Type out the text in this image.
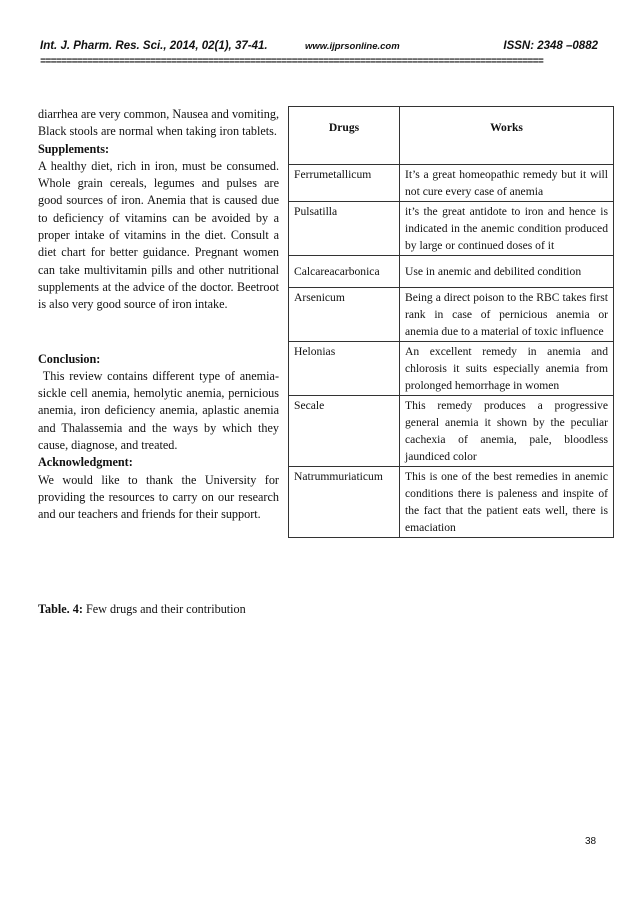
Int. J. Pharm. Res. Sci., 2014, 02(1), 37-41.	www.ijprsonline.com	ISSN: 2348 –0882
================================================================================================

diarrhea are very common, Nausea and vomiting, Black stools are normal when taking iron tablets.

Supplements:

A healthy diet, rich in iron, must be consumed. Whole grain cereals, legumes and pulses are good sources of iron. Anemia that is caused due to deficiency of vitamins can be avoided by a proper intake of vitamins in the diet. Consult a diet chart for better guidance. Pregnant women can take multivitamin pills and other nutritional supplements at the advice of the doctor. Beetroot is also very good source of iron intake.

Conclusion:

This review contains different type of anemia- sickle cell anemia, hemolytic anemia, pernicious anemia, iron deficiency anemia, aplastic anemia and Thalassemia and the ways by which they cause, diagnose, and treated.

Acknowledgment:

We would like to thank the University for providing the resources to carry on our research and our teachers and friends for their support.

Table. 4: Few drugs and their contribution
Drugs	Works
Ferrumetallicum	It’s a great homeopathic remedy but it will not cure every case of anemia
Pulsatilla	it’s the great antidote to iron and hence is indicated in the anemic condition produced by large or continued doses of it
Calcareacarbonica	Use in anemic and debilited condition
Arsenicum	Being a direct poison to the RBC takes first rank in case of pernicious anemia or anemia due to a material of toxic influence
Helonias	An excellent remedy in anemia and chlorosis it suits especially anemia from prolonged hemorrhage in women
Secale	This remedy produces a progressive general anemia it shown by the peculiar cachexia of anemia, pale, bloodless jaundiced color
Natrummuriaticum	This is one of the best remedies in anemic conditions there is paleness and inspite of the fact that the patient eats well, there is emaciation
38
